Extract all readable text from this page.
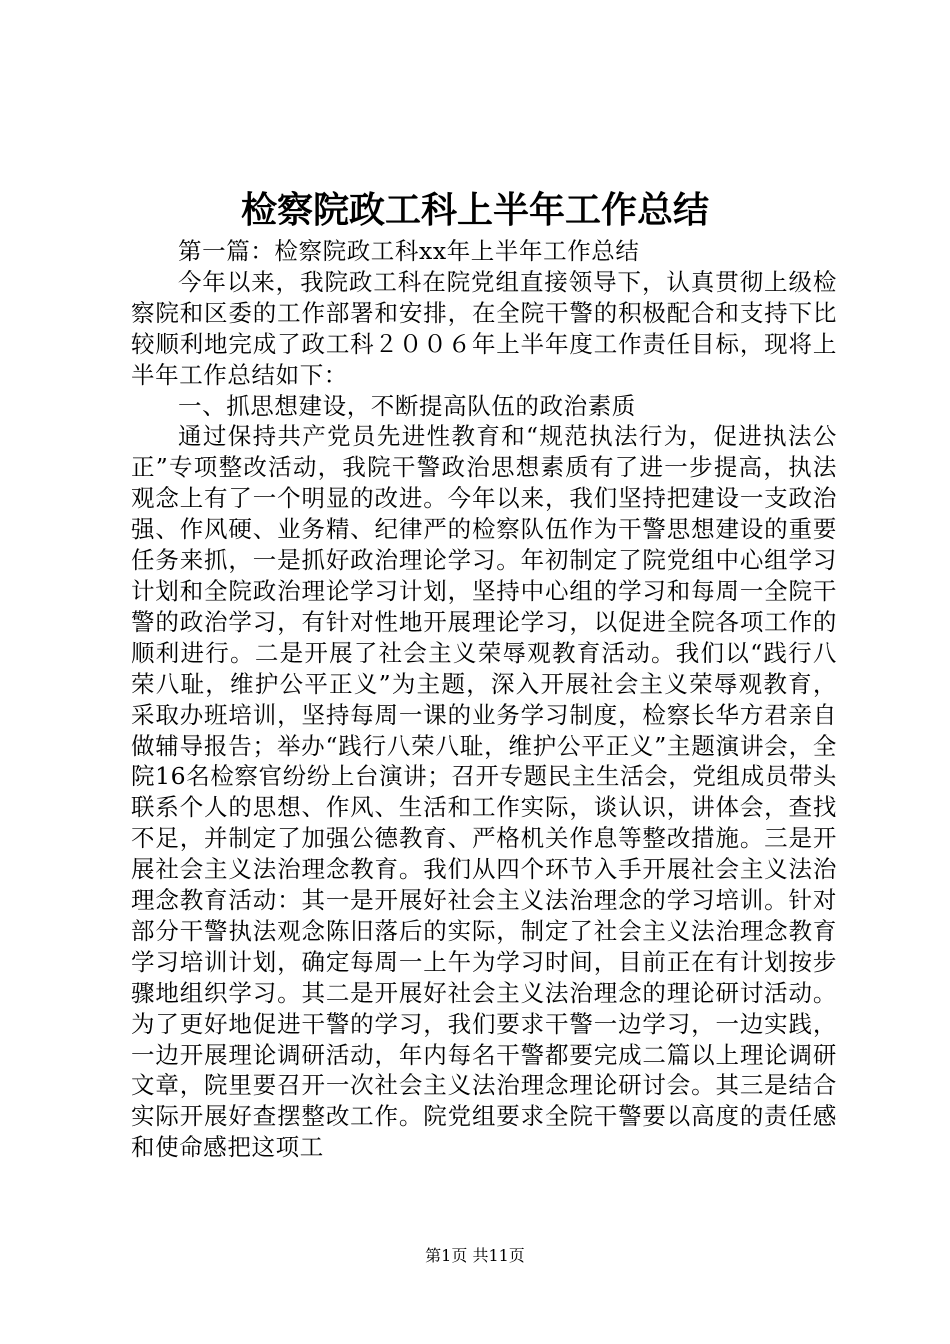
检察院政工科上半年工作总结

第一篇：检察院政工科xx年上半年工作总结

今年以来，我院政工科在院党组直接领导下，认真贯彻上级检察院和区委的工作部署和安排，在全院干警的积极配合和支持下比较顺利地完成了政工科２００６年上半年度工作责任目标，现将上半年工作总结如下：

一、抓思想建设，不断提高队伍的政治素质

通过保持共产党员先进性教育和“规范执法行为，促进执法公正”专项整改活动，我院干警政治思想素质有了进一步提高，执法观念上有了一个明显的改进。今年以来，我们坚持把建设一支政治强、作风硬、业务精、纪律严的检察队伍作为干警思想建设的重要任务来抓，一是抓好政治理论学习。年初制定了院党组中心组学习计划和全院政治理论学习计划，坚持中心组的学习和每周一全院干警的政治学习，有针对性地开展理论学习，以促进全院各项工作的顺利进行。二是开展了社会主义荣辱观教育活动。我们以“践行八荣八耻，维护公平正义”为主题，深入开展社会主义荣辱观教育，采取办班培训，坚持每周一课的业务学习制度，检察长华方君亲自做辅导报告；举办“践行八荣八耻，维护公平正义”主题演讲会，全院16名检察官纷纷上台演讲；召开专题民主生活会，党组成员带头联系个人的思想、作风、生活和工作实际，谈认识，讲体会，查找不足，并制定了加强公德教育、严格机关作息等整改措施。三是开展社会主义法治理念教育。我们从四个环节入手开展社会主义法治理念教育活动：其一是开展好社会主义法治理念的学习培训。针对部分干警执法观念陈旧落后的实际，制定了社会主义法治理念教育学习培训计划，确定每周一上午为学习时间，目前正在有计划按步骤地组织学习。其二是开展好社会主义法治理念的理论研讨活动。为了更好地促进干警的学习，我们要求干警一边学习，一边实践，一边开展理论调研活动，年内每名干警都要完成二篇以上理论调研文章，院里要召开一次社会主义法治理念理论研讨会。其三是结合实际开展好查摆整改工作。院党组要求全院干警要以高度的责任感和使命感把这项工

第1页 共11页
